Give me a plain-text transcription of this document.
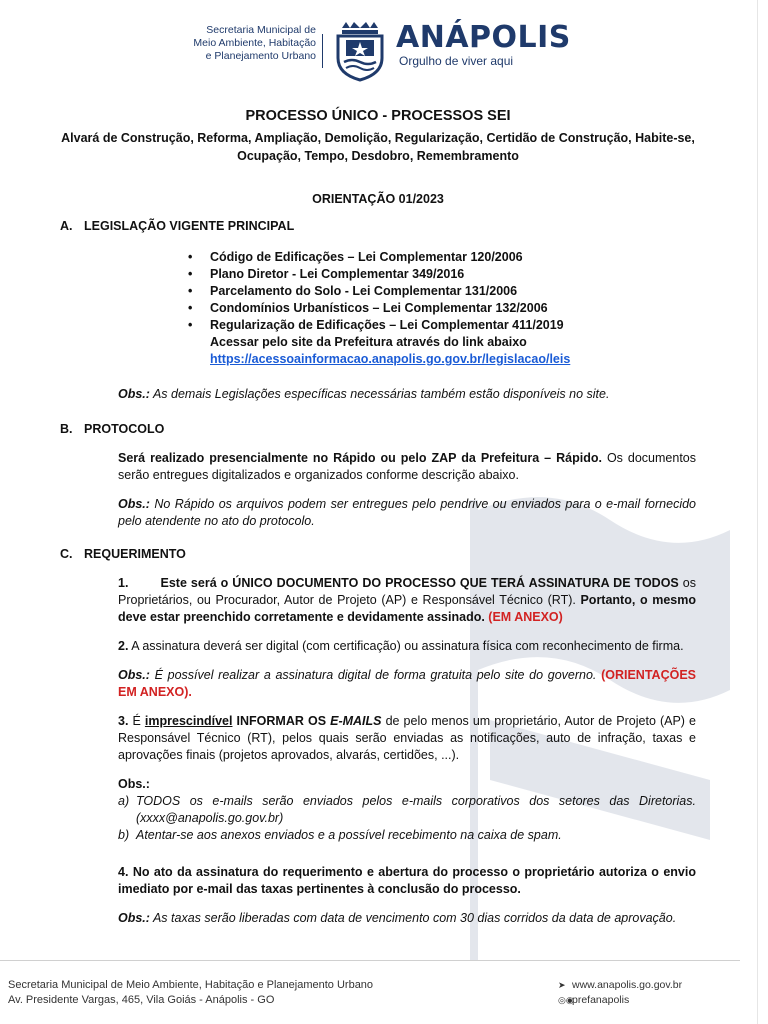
Secretaria Municipal de
Meio Ambiente, Habitação
e Planejamento Urbano
ANÁPOLIS
Orgulho de viver aqui
PROCESSO ÚNICO - PROCESSOS SEI
Alvará de Construção, Reforma, Ampliação, Demolição, Regularização, Certidão de Construção, Habite-se,
Ocupação, Tempo, Desdobro, Remembramento
ORIENTAÇÃO 01/2023
A. LEGISLAÇÃO VIGENTE PRINCIPAL
• Código de Edificações – Lei Complementar 120/2006
• Plano Diretor - Lei Complementar 349/2016
• Parcelamento do Solo - Lei Complementar 131/2006
• Condomínios Urbanísticos – Lei Complementar 132/2006
• Regularização de Edificações – Lei Complementar 411/2019
Acessar pelo site da Prefeitura através do link abaixo
https://acessoainformacao.anapolis.go.gov.br/legislacao/leis
Obs.: As demais Legislações específicas necessárias também estão disponíveis no site.
B. PROTOCOLO
Será realizado presencialmente no Rápido ou pelo ZAP da Prefeitura – Rápido. Os documentos serão entregues digitalizados e organizados conforme descrição abaixo.
Obs.: No Rápido os arquivos podem ser entregues pelo pendrive ou enviados para o e-mail fornecido pelo atendente no ato do protocolo.
C. REQUERIMENTO
1.	Este será o ÚNICO DOCUMENTO DO PROCESSO QUE TERÁ ASSINATURA DE TODOS os Proprietários, ou Procurador, Autor de Projeto (AP) e Responsável Técnico (RT). Portanto, o mesmo deve estar preenchido corretamente e devidamente assinado. (EM ANEXO)
2. A assinatura deverá ser digital (com certificação) ou assinatura física com reconhecimento de firma.
Obs.: É possível realizar a assinatura digital de forma gratuita pelo site do governo. (ORIENTAÇÕES EM ANEXO).
3. É imprescindível INFORMAR OS E-MAILS de pelo menos um proprietário, Autor de Projeto (AP) e Responsável Técnico (RT), pelos quais serão enviadas as notificações, auto de infração, taxas e aprovações finais (projetos aprovados, alvarás, certidões, ...).
Obs.:
a) TODOS os e-mails serão enviados pelos e-mails corporativos dos setores das Diretorias. (xxxx@anapolis.go.gov.br)
b) Atentar-se aos anexos enviados e a possível recebimento na caixa de spam.
4. No ato da assinatura do requerimento e abertura do processo o proprietário autoriza o envio imediato por e-mail das taxas pertinentes à conclusão do processo.
Obs.: As taxas serão liberadas com data de vencimento com 30 dias corridos da data de aprovação.
Secretaria Municipal de Meio Ambiente, Habitação e Planejamento Urbano
Av. Presidente Vargas, 465, Vila Goiás - Anápolis - GO
➤ www.anapolis.go.gov.br
◎◉prefanapolis
